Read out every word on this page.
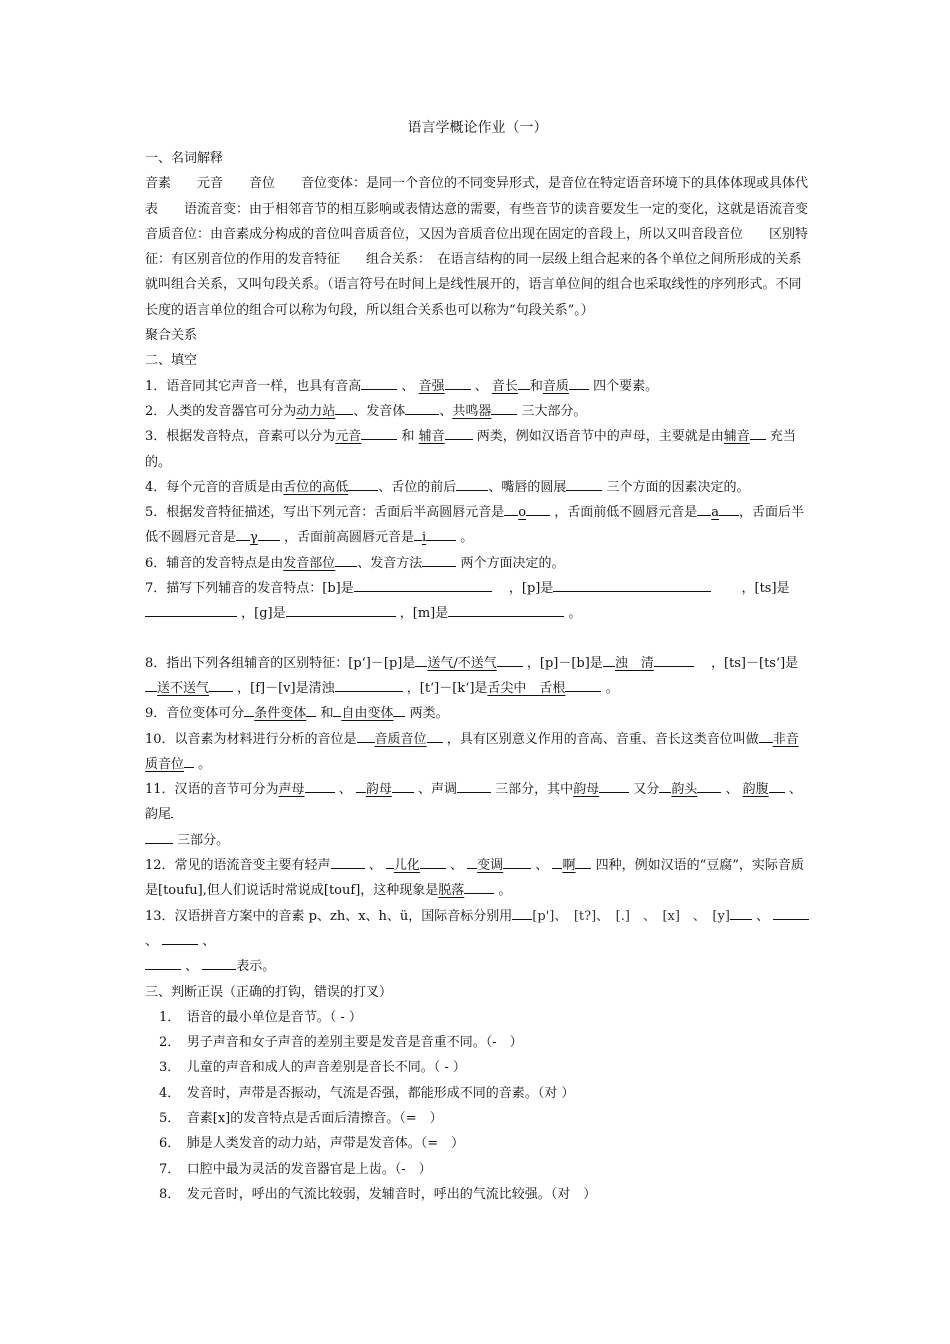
语言学概论作业（一）

一、名词解释

音素　　元音　　音位　　音位变体：是同一个音位的不同变异形式，是音位在特定语音环境下的具体体现或具体代表　　语流音变：由于相邻音节的相互影响或表情达意的需要，有些音节的读音要发生一定的变化，这就是语流音变　　音质音位：由音素成分构成的音位叫音质音位，又因为音质音位出现在固定的音段上，所以又叫音段音位　　区别特征：有区别音位的作用的发音特征　　组合关系：　在语言结构的同一层级上组合起来的各个单位之间所形成的关系就叫组合关系，又叫句段关系。（语言符号在时间上是线性展开的，语言单位间的组合也采取线性的序列形式。不同长度的语言单位的组合可以称为句段，所以组合关系也可以称为“句段关系”。）

聚合关系

二、填空

1．语音同其它声音一样，也具有音高	、 音强 、 音长 和音质 四个要素。

2．人类的发音器官可分为动力站 、发音体	、共鸣器 三大部分。

3．根据发音特点，音素可以分为元音	和 辅音 两类，例如汉语音节中的声母，主要就是由辅音 充当的。

4．每个元音的音质是由舌位的高低 、舌位的前后 、嘴唇的圆展	三个方面的因素决定的。

5．根据发音特征描述，写出下列元音：舌面后半高圆唇元音是 o ，舌面前低不圆唇元音是 a ，舌面后半低不圆唇元音是 γ ，舌面前高圆唇元音是 i	。

6．辅音的发音特点是由发音部位 、发音方法	两个方面决定的。

7．描写下列辅音的发音特点：[b]是　	，[p]是　　	，[ts]是 ，[g]是	，[m]是	。

8．指出下列各组辅音的区别特征：[pʻ]－[p]是 送气/不送气 ，[p]－[b]是 浊　清　	，[ts]－[tsʻ]是送不送气 ，[f]－[v]是清浊	，[tʻ]－[kʻ]是舌尖中　舌根	。

9．音位变体可分 条件变体 和 自由变体 两类。

10．以音素为材料进行分析的音位是 音质音位 ，具有区别意义作用的音高、音重、音长这类音位叫做 非音质音位 。

11．汉语的音节可分为声母	、 韵母 、声调	三部分，其中韵母	又分 韵头 、 韵腹 、韵尾
三部分。

12．常见的语流音变主要有轻声	、 儿化 、 变调 、 啊 四种，例如汉语的“豆腐”，实际音质是[toufu],但人们说话时常说成[touf]，这种现象是脱落	。

13．汉语拼音方案中的音素 p、zh、x、h、ü，国际音标分别用 [p']、　[t?]、　[.]　、　[x]　、　[y] 、  、	、
、	表示。

三、判断正误（正确的打钩，错误的打叉）

1．　语音的最小单位是音节。（ - ）

2．　男子声音和女子声音的差别主要是发音是音重不同。（-　）

3．　儿童的声音和成人的声音差别是音长不同。（ - ）

4．　发音时，声带是否振动，气流是否强，都能形成不同的音素。（对 ）

5．　音素[x]的发音特点是舌面后清擦音。（=　）

6．　肺是人类发音的动力站，声带是发音体。（=　）

7．　口腔中最为灵活的发音器官是上齿。（-　）

8．　发元音时，呼出的气流比较弱，发辅音时，呼出的气流比较强。（对　）
